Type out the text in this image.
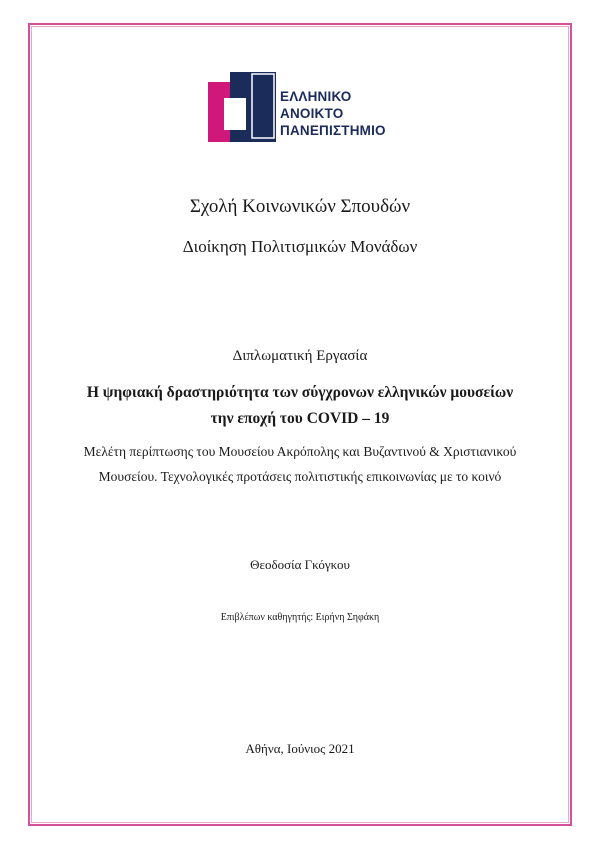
ΕΛΛΗΝΙΚΟ
ΑΝΟΙΚΤΟ
ΠΑΝΕΠΙΣΤΗΜΙΟ
Σχολή Κοινωνικών Σπουδών
Διοίκηση Πολιτισμικών Μονάδων
Διπλωματική Εργασία
Η ψηφιακή δραστηριότητα των σύγχρονων ελληνικών μουσείων
την εποχή του COVID – 19
Μελέτη περίπτωσης του Μουσείου Ακρόπολης και Βυζαντινού & Χριστιανικού
Μουσείου. Τεχνολογικές προτάσεις πολιτιστικής επικοινωνίας με το κοινό
Θεοδοσία Γκόγκου
Επιβλέπων καθηγητής: Ειρήνη Σηφάκη
Αθήνα, Ιούνιος 2021
